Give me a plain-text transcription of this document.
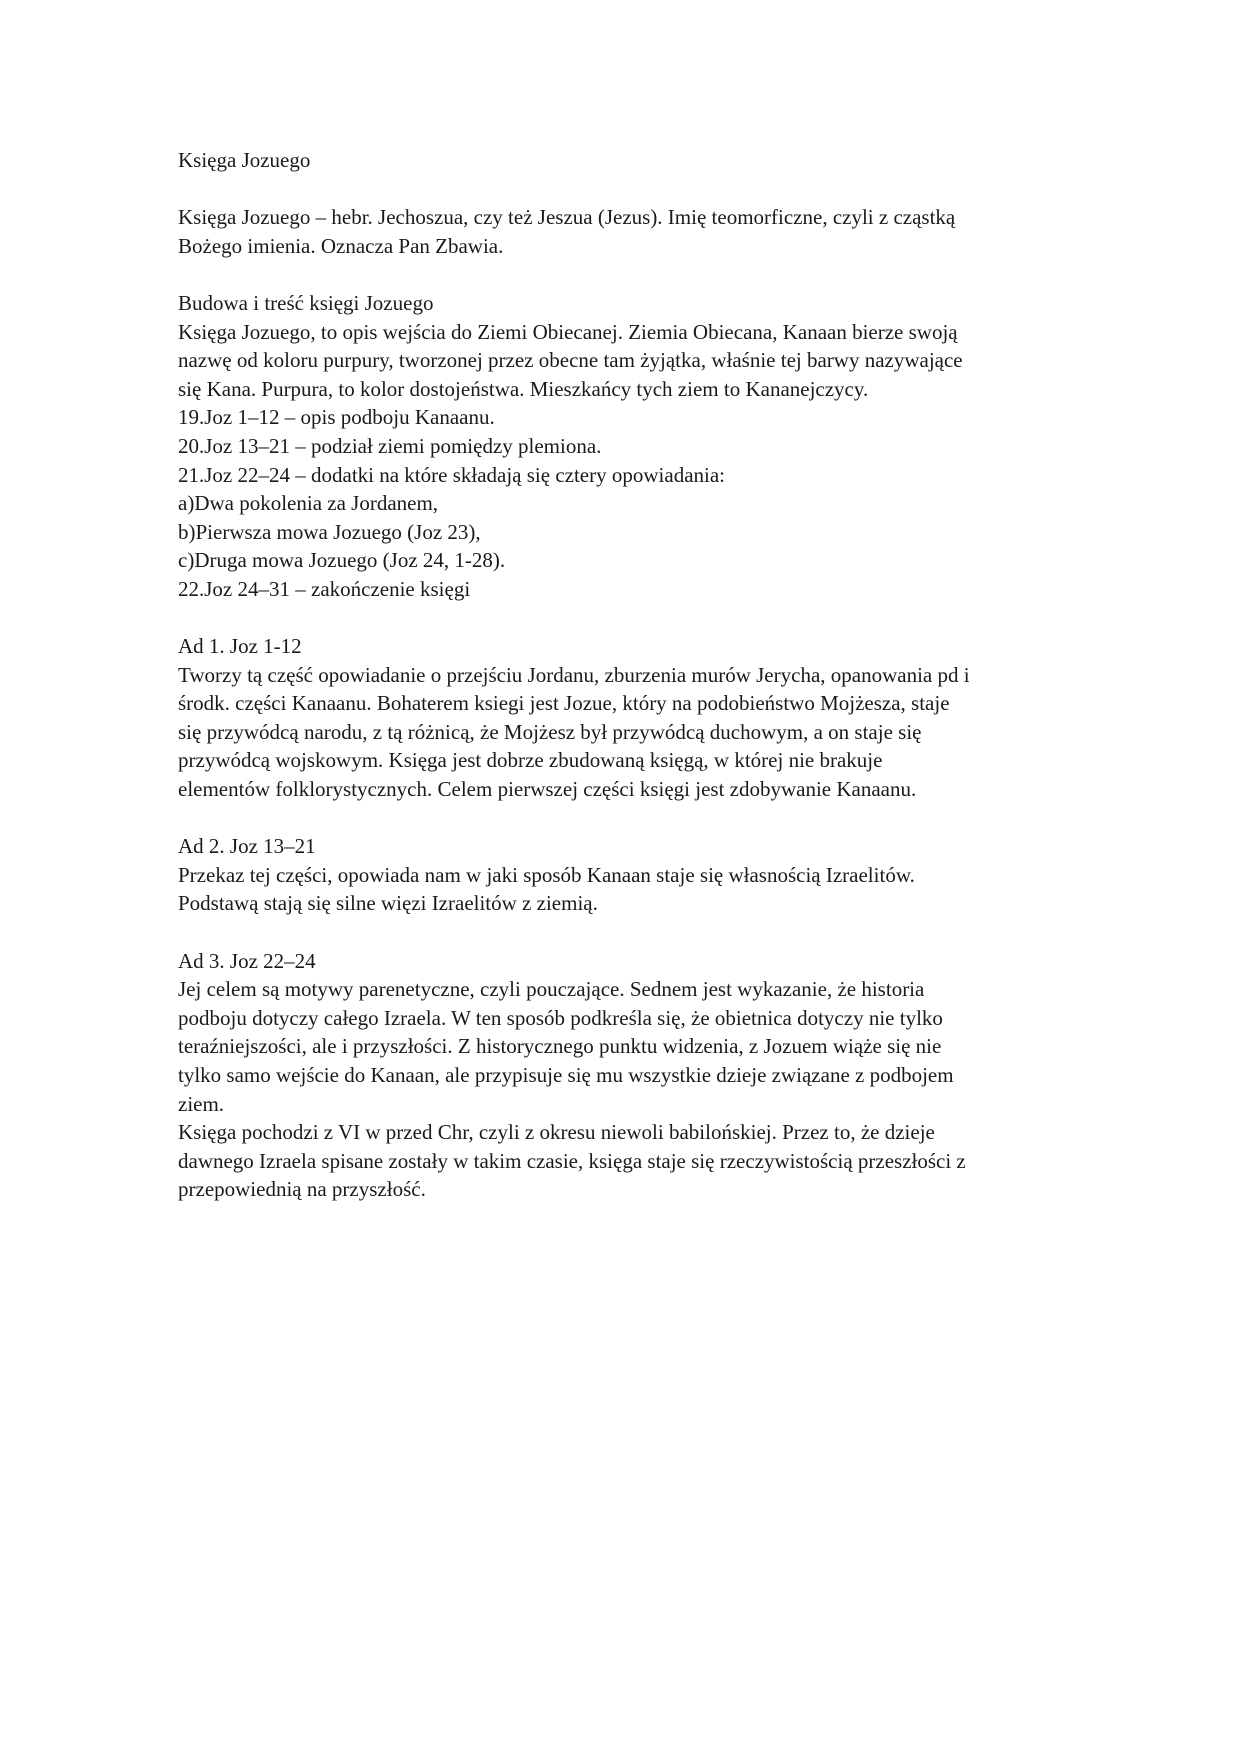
Księga Jozuego
Księga Jozuego – hebr. Jechoszua, czy też Jeszua (Jezus). Imię teomorficzne, czyli z cząstką
Bożego imienia. Oznacza Pan Zbawia.
Budowa i treść księgi Jozuego
Księga Jozuego, to opis wejścia do Ziemi Obiecanej. Ziemia Obiecana, Kanaan bierze swoją
nazwę od koloru purpury, tworzonej przez obecne tam żyjątka, właśnie tej barwy nazywające
się Kana. Purpura, to kolor dostojeństwa. Mieszkańcy tych ziem to Kananejczycy.
19.Joz 1–12 – opis podboju Kanaanu.
20.Joz 13–21 – podział ziemi pomiędzy plemiona.
21.Joz 22–24 – dodatki na które składają się cztery opowiadania:
a)Dwa pokolenia za Jordanem,
b)Pierwsza mowa Jozuego (Joz 23),
c)Druga mowa Jozuego (Joz 24, 1-28).
22.Joz 24–31 – zakończenie księgi
Ad 1. Joz 1-12
Tworzy tą część opowiadanie o przejściu Jordanu, zburzenia murów Jerycha, opanowania pd i
środk. części Kanaanu. Bohaterem ksiegi jest Jozue, który na podobieństwo Mojżesza, staje
się przywódcą narodu, z tą różnicą, że Mojżesz był przywódcą duchowym, a on staje się
przywódcą wojskowym. Księga jest dobrze zbudowaną księgą, w której nie brakuje
elementów folklorystycznych. Celem pierwszej części księgi jest zdobywanie Kanaanu.
Ad 2. Joz 13–21
Przekaz tej części, opowiada nam w jaki sposób Kanaan staje się własnością Izraelitów.
Podstawą stają się silne więzi Izraelitów z ziemią.
Ad 3. Joz 22–24
Jej celem są motywy parenetyczne, czyli pouczające. Sednem jest wykazanie, że historia
podboju dotyczy całego Izraela. W ten sposób podkreśla się, że obietnica dotyczy nie tylko
teraźniejszości, ale i przyszłości. Z historycznego punktu widzenia, z Jozuem wiąże się nie
tylko samo wejście do Kanaan, ale przypisuje się mu wszystkie dzieje związane z podbojem
ziem.
Księga pochodzi z VI w przed Chr, czyli z okresu niewoli babilońskiej. Przez to, że dzieje
dawnego Izraela spisane zostały w takim czasie, księga staje się rzeczywistością przeszłości z
przepowiednią na przyszłość.
